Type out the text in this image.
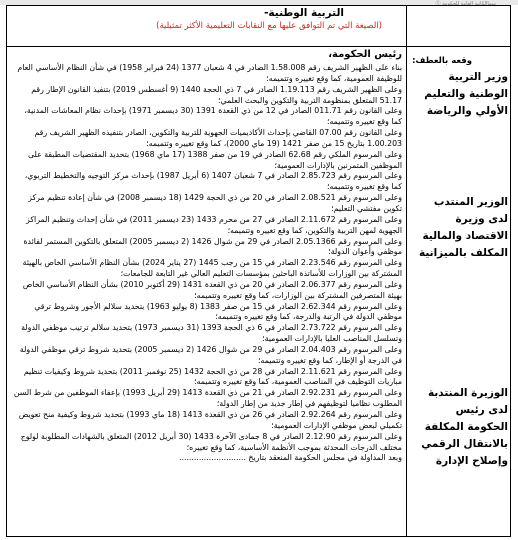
Ⓧ ﺳﻤﺎﺍﻟﻜﺎﺗﺒﺔ ﺍﻟﻌﺎﻣﺔ ﻟﻠﺤﻜﻮﻣﺔ
التربية الوطنية-
(الصيغة التي تم التوافق عليها مع النقابات التعليمية الأكثر تمثيلية)
وقعه بالعطف:
وزير التربية الوطنية والتعليم الأولي والرياضة
الوزير المنتدب لدى وزيرة الاقتصاد والمالية المكلف بالميزانية
الوزيرة المنتدبة لدى رئيس الحكومة المكلفة بالانتقال الرقمي وإصلاح الإدارة
رئيس الحكومة،

بناء على الظهير الشريف رقم 1.58.008 الصادر في 4 شعبان 1377 (24 فبراير 1958) في شأن النظام الأساسي العام للوظيفة العمومية، كما وقع تغييره وتتميمه؛

وعلى الظهير الشريف رقم 1.19.113 الصادر في 7 ذي الحجة 1440 (9 أغسطس 2019) بتنفيذ القانون الإطار رقم 51.17 المتعلق بمنظومة التربية والتكوين والبحث العلمي؛

وعلى القانون رقم 011.71 الصادر في 12 من ذي القعدة 1391 (30 ديسمبر 1971) بإحداث نظام المعاشات المدنية، كما وقع تغييره وتتميمه؛

وعلى القانون رقم 07.00 القاضي بإحداث الأكاديميات الجهوية للتربية والتكوين، الصادر بتنفيذه الظهير الشريف رقم 1.00.203 بتاريخ 15 من صفر 1421 (19 ماي 2000)، كما وقع تغييره وتتميمه؛

وعلى المرسوم الملكي رقم 62.68 الصادر في 19 من صفر 1388 (17 ماي 1968) بتحديد المقتضيات المطبقة على الموظفين المتمرنين بالإدارات العمومية؛

وعلى المرسوم رقم 2.85.723 الصادر في 7 شعبان 1407 (6 أبريل 1987) بإحداث مركز التوجيه والتخطيط التربوي، كما وقع تغييره وتتميمه؛

وعلى المرسوم رقم 2.08.521 الصادر في 20 من ذي الحجة 1429 (18 ديسمبر 2008) في شأن إعادة تنظيم مركز تكوين مفتشي التعليم؛

وعلى المرسوم رقم 2.11.672 الصادر في 27 من محرم 1433 (23 ديسمبر 2011) في شأن إحداث وتنظيم المراكز الجهوية لمهن التربية والتكوين، كما وقع تغييره وتتميمه؛

وعلى المرسوم رقم 2.05.1366 الصادر في 29 من شوال 1426 (2 ديسمبر 2005) المتعلق بالتكوين المستمر لفائدة موظفي وأعوان الدولة؛

وعلى المرسوم رقم 2.23.546 الصادر في 15 من رجب 1445 (27 يناير 2024) بشأن النظام الأساسي الخاص بالهيئة المشتركة بين الوزارات للأساتذة الباحثين بمؤسسات التعليم العالي غير التابعة للجامعات؛

وعلى المرسوم رقم 2.06.377 الصادر في 20 من ذي القعدة 1431 (29 أكتوبر 2010) بشأن النظام الأساسي الخاص بهيئة المتصرفين المشتركة بين الوزارات، كما وقع تغييره وتتميمه؛

وعلى المرسوم رقم 2.62.344 الصادر في 15 من صفر 1383 (8 يوليو 1963) بتحديد سلالم الأجور وشروط ترقي موظفي الدولة في الرتبة والدرجة، كما وقع تغييره وتتميمه؛

وعلى المرسوم رقم 2.73.722 الصادر في 6 ذي الحجة 1393 (31 ديسمبر 1973) بتحديد سلالم ترتيب موظفي الدولة وتسلسل المناصب العليا بالإدارات العمومية؛

وعلى المرسوم رقم 2.04.403 الصادر في 29 من شوال 1426 (2 ديسمبر 2005) بتحديد شروط ترقي موظفي الدولة في الدرجة أو الإطار، كما وقع تغييره وتتميمه؛

وعلى المرسوم رقم 2.11.621 الصادر في 28 من ذي الحجة 1432 (25 نوفمبر 2011) بتحديد شروط وكيفيات تنظيم مباريات التوظيف في المناصب العمومية، كما وقع تغييره وتتميمه؛

وعلى المرسوم رقم 2.92.231 الصادر في 21 من ذي القعدة 1413 (29 أبريل 1993) بإعفاء الموظفين من شرط السن المطلوب نظاميا لتوظيفهم في إطار جديد من إطار الدولة؛

وعلى المرسوم رقم 2.92.264 الصادر في 26 من ذي القعدة 1413 (18 ماي 1993) بتحديد شروط وكيفية منح تعويض تكميلي لبعض موظفي الإدارات العمومية؛

وعلى المرسوم رقم 2.12.90 الصادر في 8 جمادى الآخرة 1433 (30 أبريل 2012) المتعلق بالشهادات المطلوبة لولوج مختلف الدرجات المحدثة بموجب الأنظمة الأساسية، كما وقع تغييره؛

وبعد المداولة في مجلس الحكومة المنعقد بتاريخ ...........................
